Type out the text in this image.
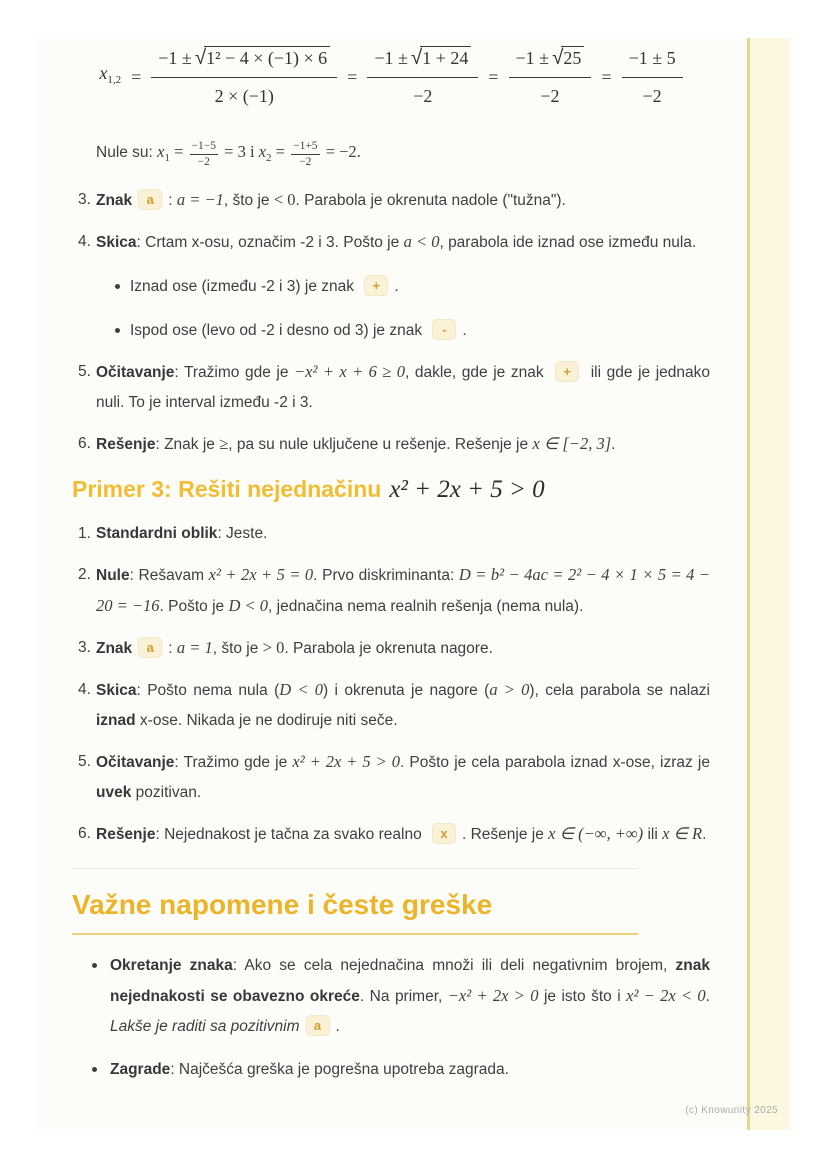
$x_{1,2} = \frac{\text{−1 ± √ 1² − 4 × (−1) × 6}}{2 \times (-1)} = \frac{-1 \pm √ 1 + 24}{-2} = \frac{-1 \pm √ 25}{-2} = \frac{-1 \pm 5}{-2}$

Nule su: $x_1 = \frac{-1-5}{-2} = 3$ i $x_2 = \frac{-1+5}{-2} = -2$.

3. Znak a : a = −1, što je < 0. Parabola je okrenuta nadole ("tužna").

4. Skica: Crtam x-osu, označim -2 i 3. Pošto je a < 0, parabola ide iznad ose između nula.

Iznad ose (između -2 i 3) je znak + .

Ispod ose (levo od -2 i desno od 3) je znak - .

5. Očitavanje: Tražimo gde je −x² + x + 6 ≥ 0, dakle, gde je znak + ili gde je jednako nuli. To je interval između -2 i 3.

6. Rešenje: Znak je ≥, pa su nule uključene u rešenje. Rešenje je x ∈ [−2, 3].

Primer 3: Rešiti nejednačinu x² + 2x + 5 > 0
1. Standardni oblik: Jeste.

2. Nule: Rešavam x² + 2x + 5 = 0. Prvo diskriminanta: D = b² − 4ac = 2² − 4 × 1 × 5 = 4 − 20 = −16. Pošto je D < 0, jednačina nema realnih rešenja (nema nula).

3. Znak a : a = 1, što je > 0. Parabola je okrenuta nagore.

4. Skica: Pošto nema nula (D < 0) i okrenuta je nagore (a > 0), cela parabola se nalazi iznad x-ose. Nikada je ne dodiruje niti seče.

5. Očitavanje: Tražimo gde je x² + 2x + 5 > 0. Pošto je cela parabola iznad x-ose, izraz je uvek pozitivan.

6. Rešenje: Nejednakost je tačna za svako realno x . Rešenje je x ∈ (−∞, +∞) ili x ∈ R.

Važne napomene i česte greške

Okretanje znaka: Ako se cela nejednačina množi ili deli negativnim brojem, znak nejednakosti se obavezno okreće. Na primer, −x² + 2x > 0 je isto što i x² − 2x < 0. Lakše je raditi sa pozitivnim a .

Zagrade: Najčešća greška je pogrešna upotreba zagrada.

(c) Knowunity 2025
